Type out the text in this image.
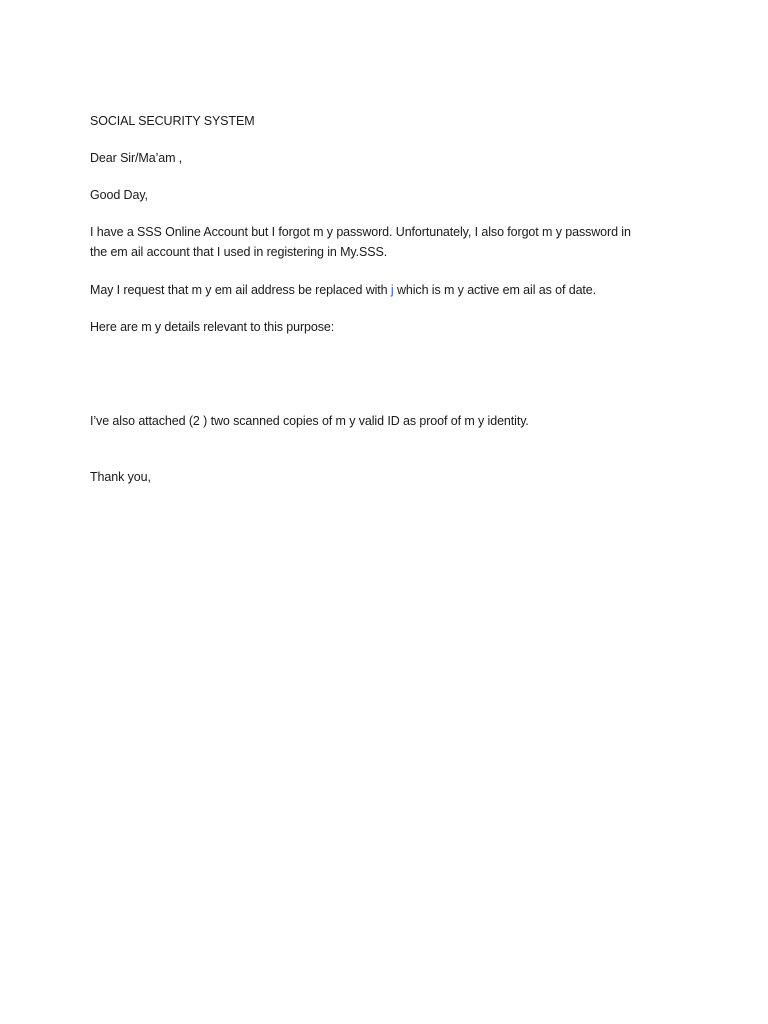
SOCIAL SECURITY SYSTEM
Dear Sir/Ma’am ,
Good Day,
I have a SSS Online Account but I forgot m y password. Unfortunately, I also forgot m y password in
the em ail account that I used in registering in My.SSS.
May I request that m y em ail address be replaced with j which is m y active em ail as of date.
Here are m y details relevant to this purpose:
I’ve also attached (2 ) two scanned copies of m y valid ID as proof of m y identity.
Thank you,
